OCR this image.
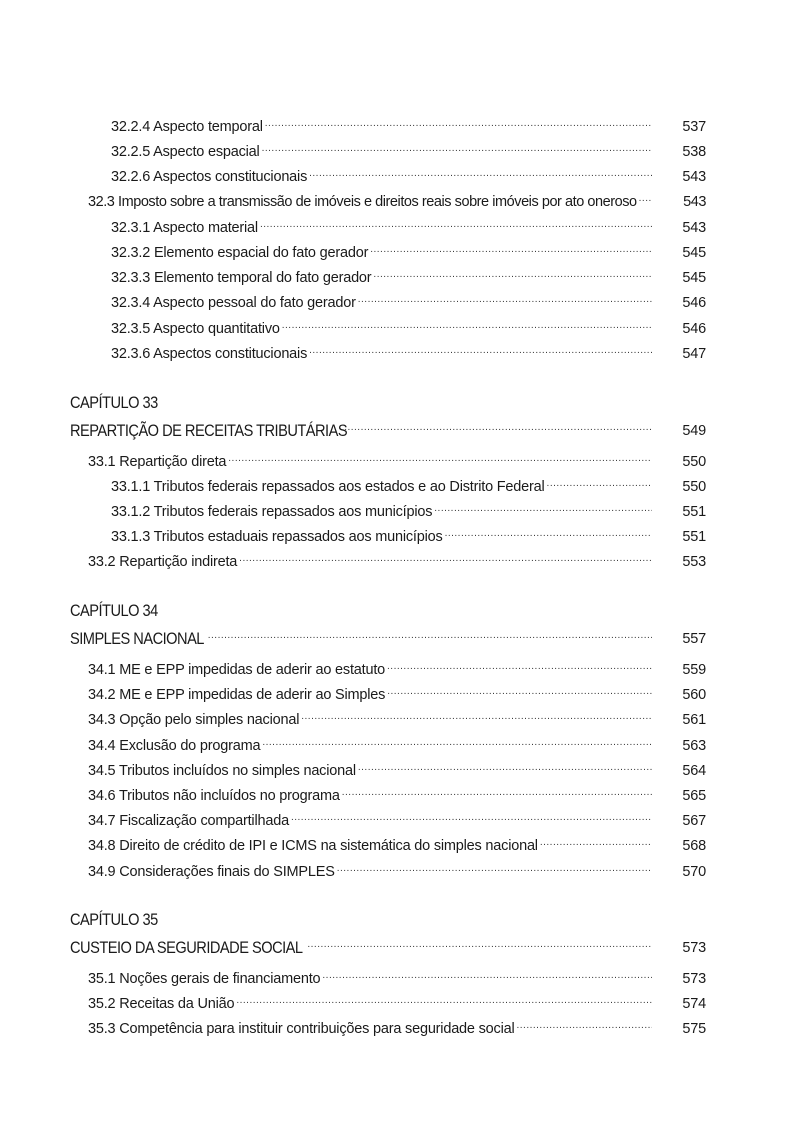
32.2.4 Aspecto temporal .....	537
32.2.5 Aspecto espacial .....	538
32.2.6 Aspectos constitucionais .....	543
32.3 Imposto sobre a transmissão de imóveis e direitos reais sobre imóveis por ato oneroso .....	543
32.3.1 Aspecto material .....	543
32.3.2 Elemento espacial do fato gerador .....	545
32.3.3 Elemento temporal do fato gerador .....	545
32.3.4 Aspecto pessoal do fato gerador .....	546
32.3.5 Aspecto quantitativo .....	546
32.3.6 Aspectos constitucionais .....	547
CAPÍTULO 33
REPARTIÇÃO DE RECEITAS TRIBUTÁRIAS .....	549
33.1 Repartição direta .....	550
33.1.1 Tributos federais repassados aos estados e ao Distrito Federal .....	550
33.1.2 Tributos federais repassados aos municípios .....	551
33.1.3 Tributos estaduais repassados aos municípios .....	551
33.2 Repartição indireta .....	553
CAPÍTULO 34
SIMPLES NACIONAL .....	557
34.1 ME e EPP impedidas de aderir ao estatuto .....	559
34.2 ME e EPP impedidas de aderir ao Simples .....	560
34.3 Opção pelo simples nacional .....	561
34.4 Exclusão do programa .....	563
34.5 Tributos incluídos no simples nacional .....	564
34.6 Tributos não incluídos no programa .....	565
34.7 Fiscalização compartilhada .....	567
34.8 Direito de crédito de IPI e ICMS na sistemática do simples nacional .....	568
34.9 Considerações finais do SIMPLES .....	570
CAPÍTULO 35
CUSTEIO DA SEGURIDADE SOCIAL .....	573
35.1 Noções gerais de financiamento .....	573
35.2 Receitas da União .....	574
35.3 Competência para instituir contribuições para seguridade social .....	575
